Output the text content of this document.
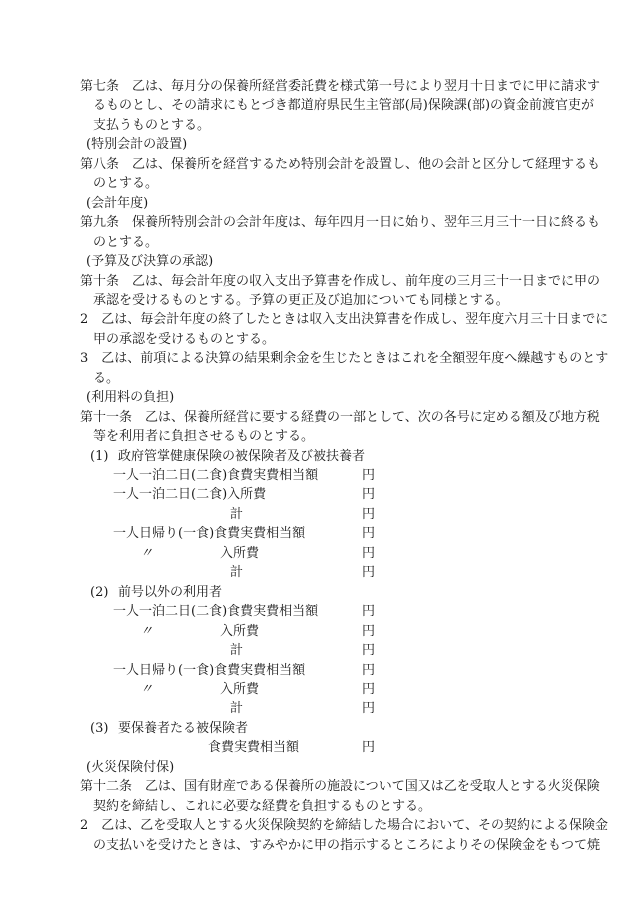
第七条　乙は、毎月分の保養所経営委託費を様式第一号により翌月十日までに甲に請求す
るものとし、その請求にもとづき都道府県民生主管部(局)保険課(部)の資金前渡官吏が
支払うものとする。
(特別会計の設置)
第八条　乙は、保養所を経営するため特別会計を設置し、他の会計と区分して経理するも
のとする。
(会計年度)
第九条　保養所特別会計の会計年度は、毎年四月一日に始り、翌年三月三十一日に終るも
のとする。
(予算及び決算の承認)
第十条　乙は、毎会計年度の収入支出予算書を作成し、前年度の三月三十一日までに甲の
承認を受けるものとする。予算の更正及び追加についても同様とする。
2　乙は、毎会計年度の終了したときは収入支出決算書を作成し、翌年度六月三十日までに
甲の承認を受けるものとする。
3　乙は、前項による決算の結果剰余金を生じたときはこれを全額翌年度へ繰越すものとす
る。
(利用料の負担)
第十一条　乙は、保養所経営に要する経費の一部として、次の各号に定める額及び地方税
等を利用者に負担させるものとする。
(1) 政府管掌健康保険の被保険者及び被扶養者
一人一泊二日(二食)食費実費相当額	円
一人一泊二日(二食)入所費	円
計	円
一人日帰り(一食)食費実費相当額	円
〃	入所費	円
計	円
(2) 前号以外の利用者
一人一泊二日(二食)食費実費相当額	円
〃	入所費	円
計	円
一人日帰り(一食)食費実費相当額	円
〃	入所費	円
計	円
(3) 要保養者たる被保険者
食費実費相当額	円
(火災保険付保)
第十二条　乙は、国有財産である保養所の施設について国又は乙を受取人とする火災保険
契約を締結し、これに必要な経費を負担するものとする。
2　乙は、乙を受取人とする火災保険契約を締結した場合において、その契約による保険金
の支払いを受けたときは、すみやかに甲の指示するところによりその保険金をもつて焼
